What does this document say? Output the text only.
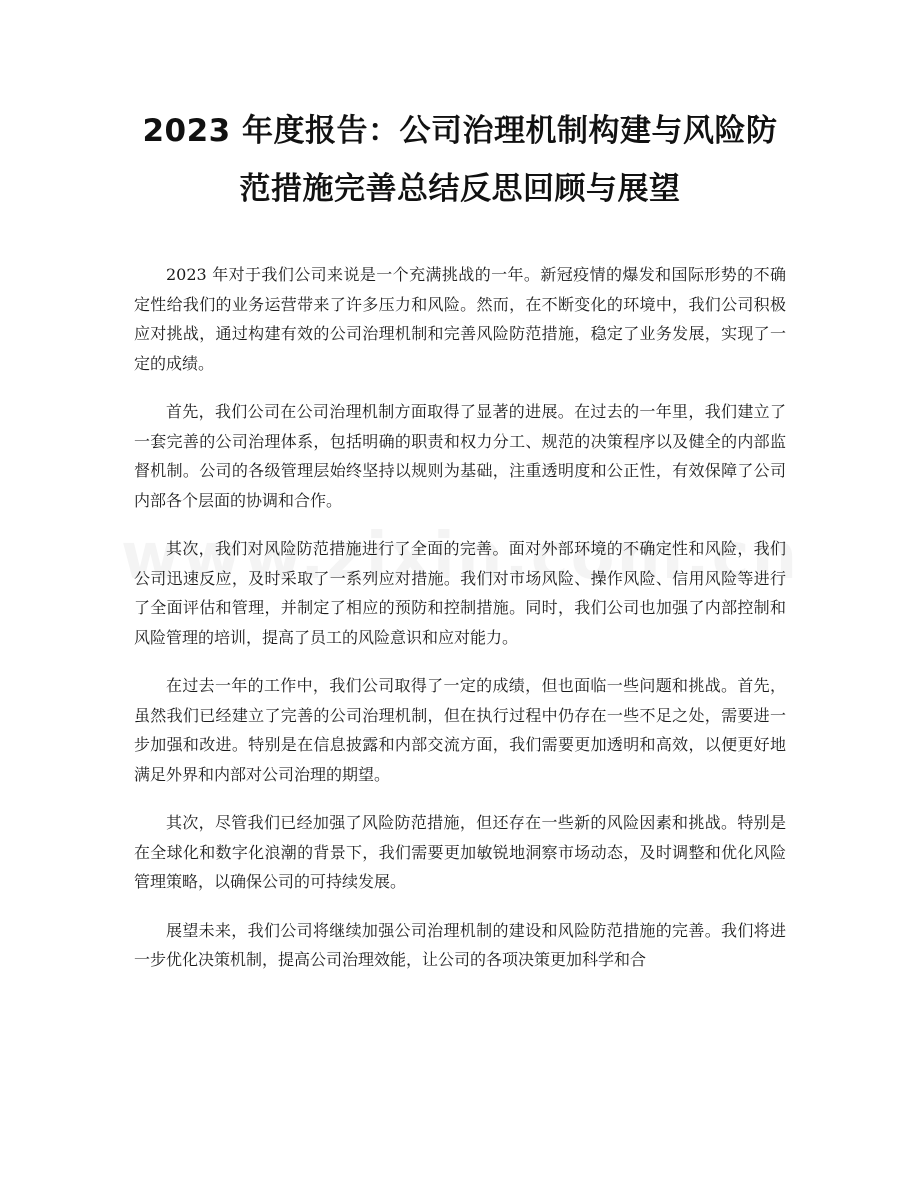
2023 年度报告：公司治理机制构建与风险防
范措施完善总结反思回顾与展望

2023 年对于我们公司来说是一个充满挑战的一年。新冠疫情的爆发和国际形势的不确定性给我们的业务运营带来了许多压力和风险。然而，在不断变化的环境中，我们公司积极应对挑战，通过构建有效的公司治理机制和完善风险防范措施，稳定了业务发展，实现了一定的成绩。

首先，我们公司在公司治理机制方面取得了显著的进展。在过去的一年里，我们建立了一套完善的公司治理体系，包括明确的职责和权力分工、规范的决策程序以及健全的内部监督机制。公司的各级管理层始终坚持以规则为基础，注重透明度和公正性，有效保障了公司内部各个层面的协调和合作。

其次，我们对风险防范措施进行了全面的完善。面对外部环境的不确定性和风险，我们公司迅速反应，及时采取了一系列应对措施。我们对市场风险、操作风险、信用风险等进行了全面评估和管理，并制定了相应的预防和控制措施。同时，我们公司也加强了内部控制和风险管理的培训，提高了员工的风险意识和应对能力。

在过去一年的工作中，我们公司取得了一定的成绩，但也面临一些问题和挑战。首先，虽然我们已经建立了完善的公司治理机制，但在执行过程中仍存在一些不足之处，需要进一步加强和改进。特别是在信息披露和内部交流方面，我们需要更加透明和高效，以便更好地满足外界和内部对公司治理的期望。

其次，尽管我们已经加强了风险防范措施，但还存在一些新的风险因素和挑战。特别是在全球化和数字化浪潮的背景下，我们需要更加敏锐地洞察市场动态，及时调整和优化风险管理策略，以确保公司的可持续发展。

展望未来，我们公司将继续加强公司治理机制的建设和风险防范措施的完善。我们将进一步优化决策机制，提高公司治理效能，让公司的各项决策更加科学和合
